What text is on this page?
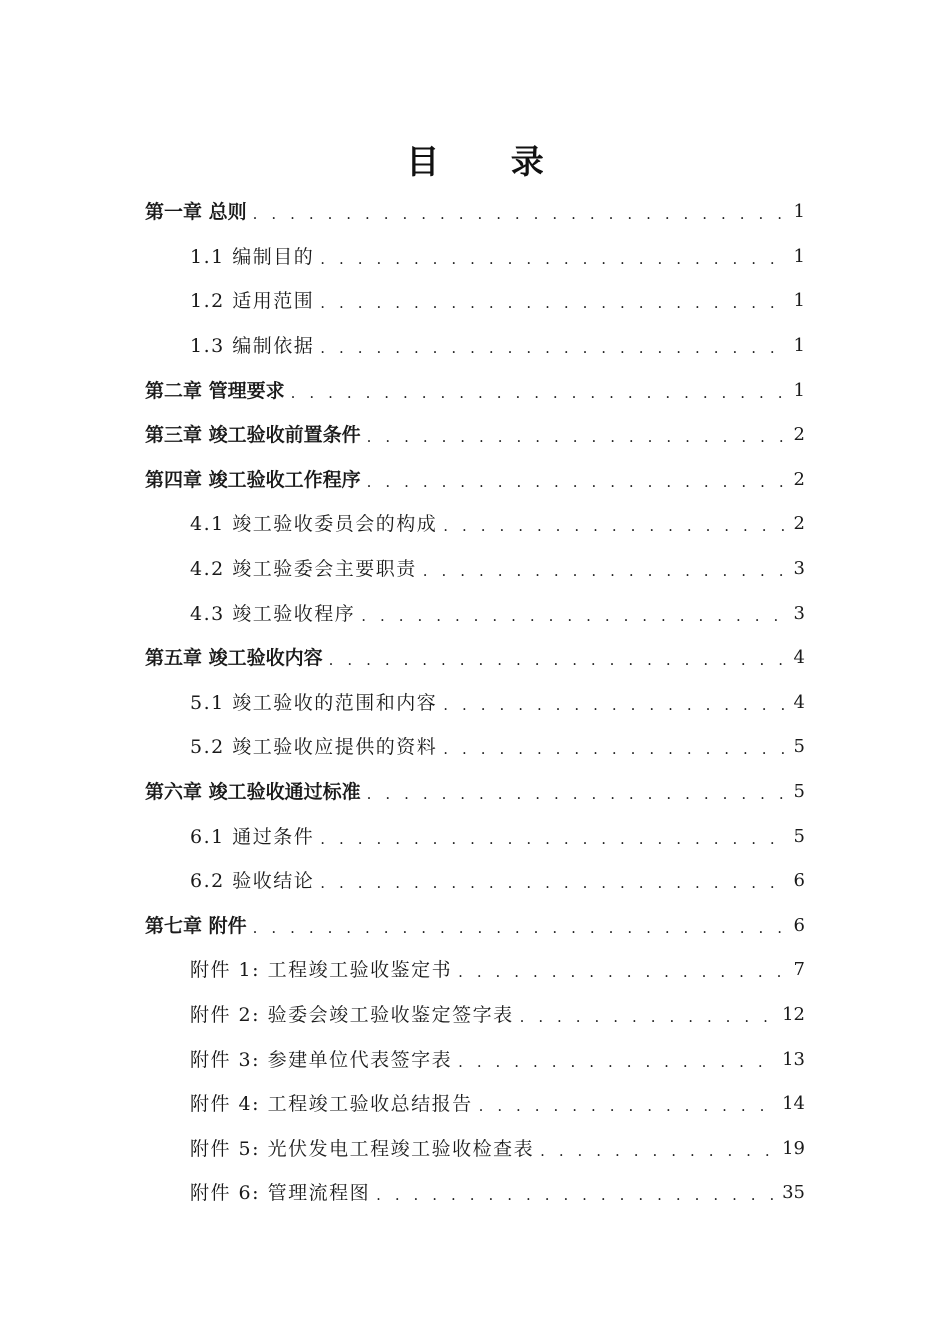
目 录
第一章 总则 . . .	1
1.1 编制目的 . . .	1
1.2 适用范围 . . .	1
1.3 编制依据 . . .	1
第二章 管理要求 . . .	1
第三章 竣工验收前置条件 . . .	2
第四章 竣工验收工作程序 . . .	2
4.1 竣工验收委员会的构成 . . .	2
4.2 竣工验委会主要职责 . . .	3
4.3 竣工验收程序 . . .	3
第五章 竣工验收内容 . . .	4
5.1 竣工验收的范围和内容 . . .	4
5.2 竣工验收应提供的资料 . . .	5
第六章 竣工验收通过标准 . . .	5
6.1 通过条件 . . .	5
6.2 验收结论 . . .	6
第七章 附件 . . .	6
附件 1: 工程竣工验收鉴定书 . . .	7
附件 2: 验委会竣工验收鉴定签字表 . . .	12
附件 3: 参建单位代表签字表 . . .	13
附件 4: 工程竣工验收总结报告 . . .	14
附件 5: 光伏发电工程竣工验收检查表 . . .	19
附件 6: 管理流程图 . . .	35
